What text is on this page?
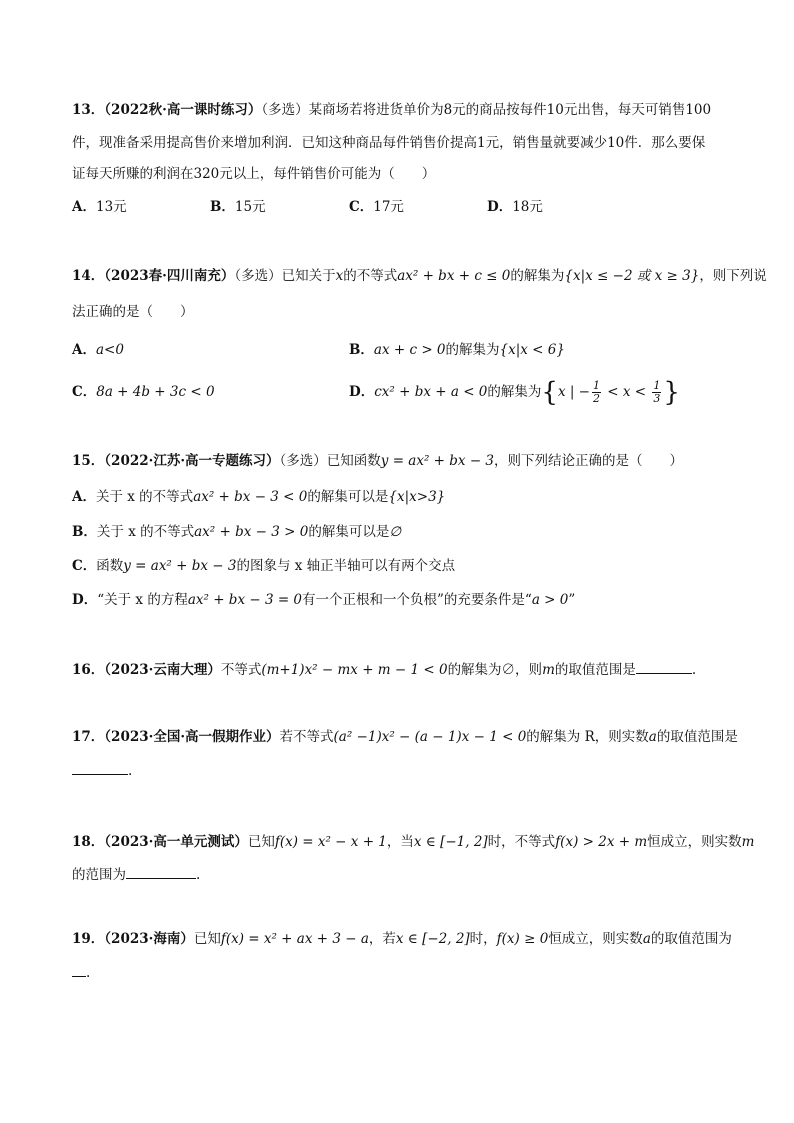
13．（2022秋·高一课时练习）（多选）某商场若将进货单价为8元的商品按每件10元出售，每天可销售100
件，现准备采用提高售价来增加利润．已知这种商品每件销售价提高1元，销售量就要减少10件．那么要保
证每天所赚的利润在320元以上，每件销售价可能为（　　）
A．13元	B．15元	C．17元	D．18元
14．（2023春·四川南充）（多选）已知关于x的不等式ax² + bx + c ≤ 0的解集为{x|x ≤ −2 或 x ≥ 3}，则下列说
法正确的是（　　）
A．a<0	B．ax + c > 0的解集为{x|x < 6}
C．8a + 4b + 3c < 0	D．cx² + bx + a < 0的解集为{x | − $\frac{1}{2} < x < \frac{1}{3}$ }
15．（2022·江苏·高一专题练习）（多选）已知函数y = ax² + bx − 3，则下列结论正确的是（　　）
A．关于 x 的不等式ax² + bx − 3 < 0的解集可以是{x|x>3}
B．关于 x 的不等式ax² + bx − 3 > 0的解集可以是∅
C．函数y = ax² + bx − 3的图象与 x 轴正半轴可以有两个交点
D．“关于 x 的方程ax² + bx − 3 = 0有一个正根和一个负根”的充要条件是“a > 0”
16．（2023·云南大理）不等式(m+1)x² − mx + m − 1 < 0的解集为∅，则m的取值范围是	.
17．（2023·全国·高一假期作业）若不等式(a² −1)x² − (a − 1)x − 1 < 0的解集为 R，则实数a的取值范围是
.
18．（2023·高一单元测试）已知f(x) = x² − x + 1，当x ∈ [−1, 2]时，不等式f(x) > 2x + m恒成立，则实数m
的范围为	.
19．（2023·海南）已知f(x) = x² + ax + 3 − a，若x ∈ [−2, 2]时，f(x) ≥ 0恒成立，则实数a的取值范围为
.
